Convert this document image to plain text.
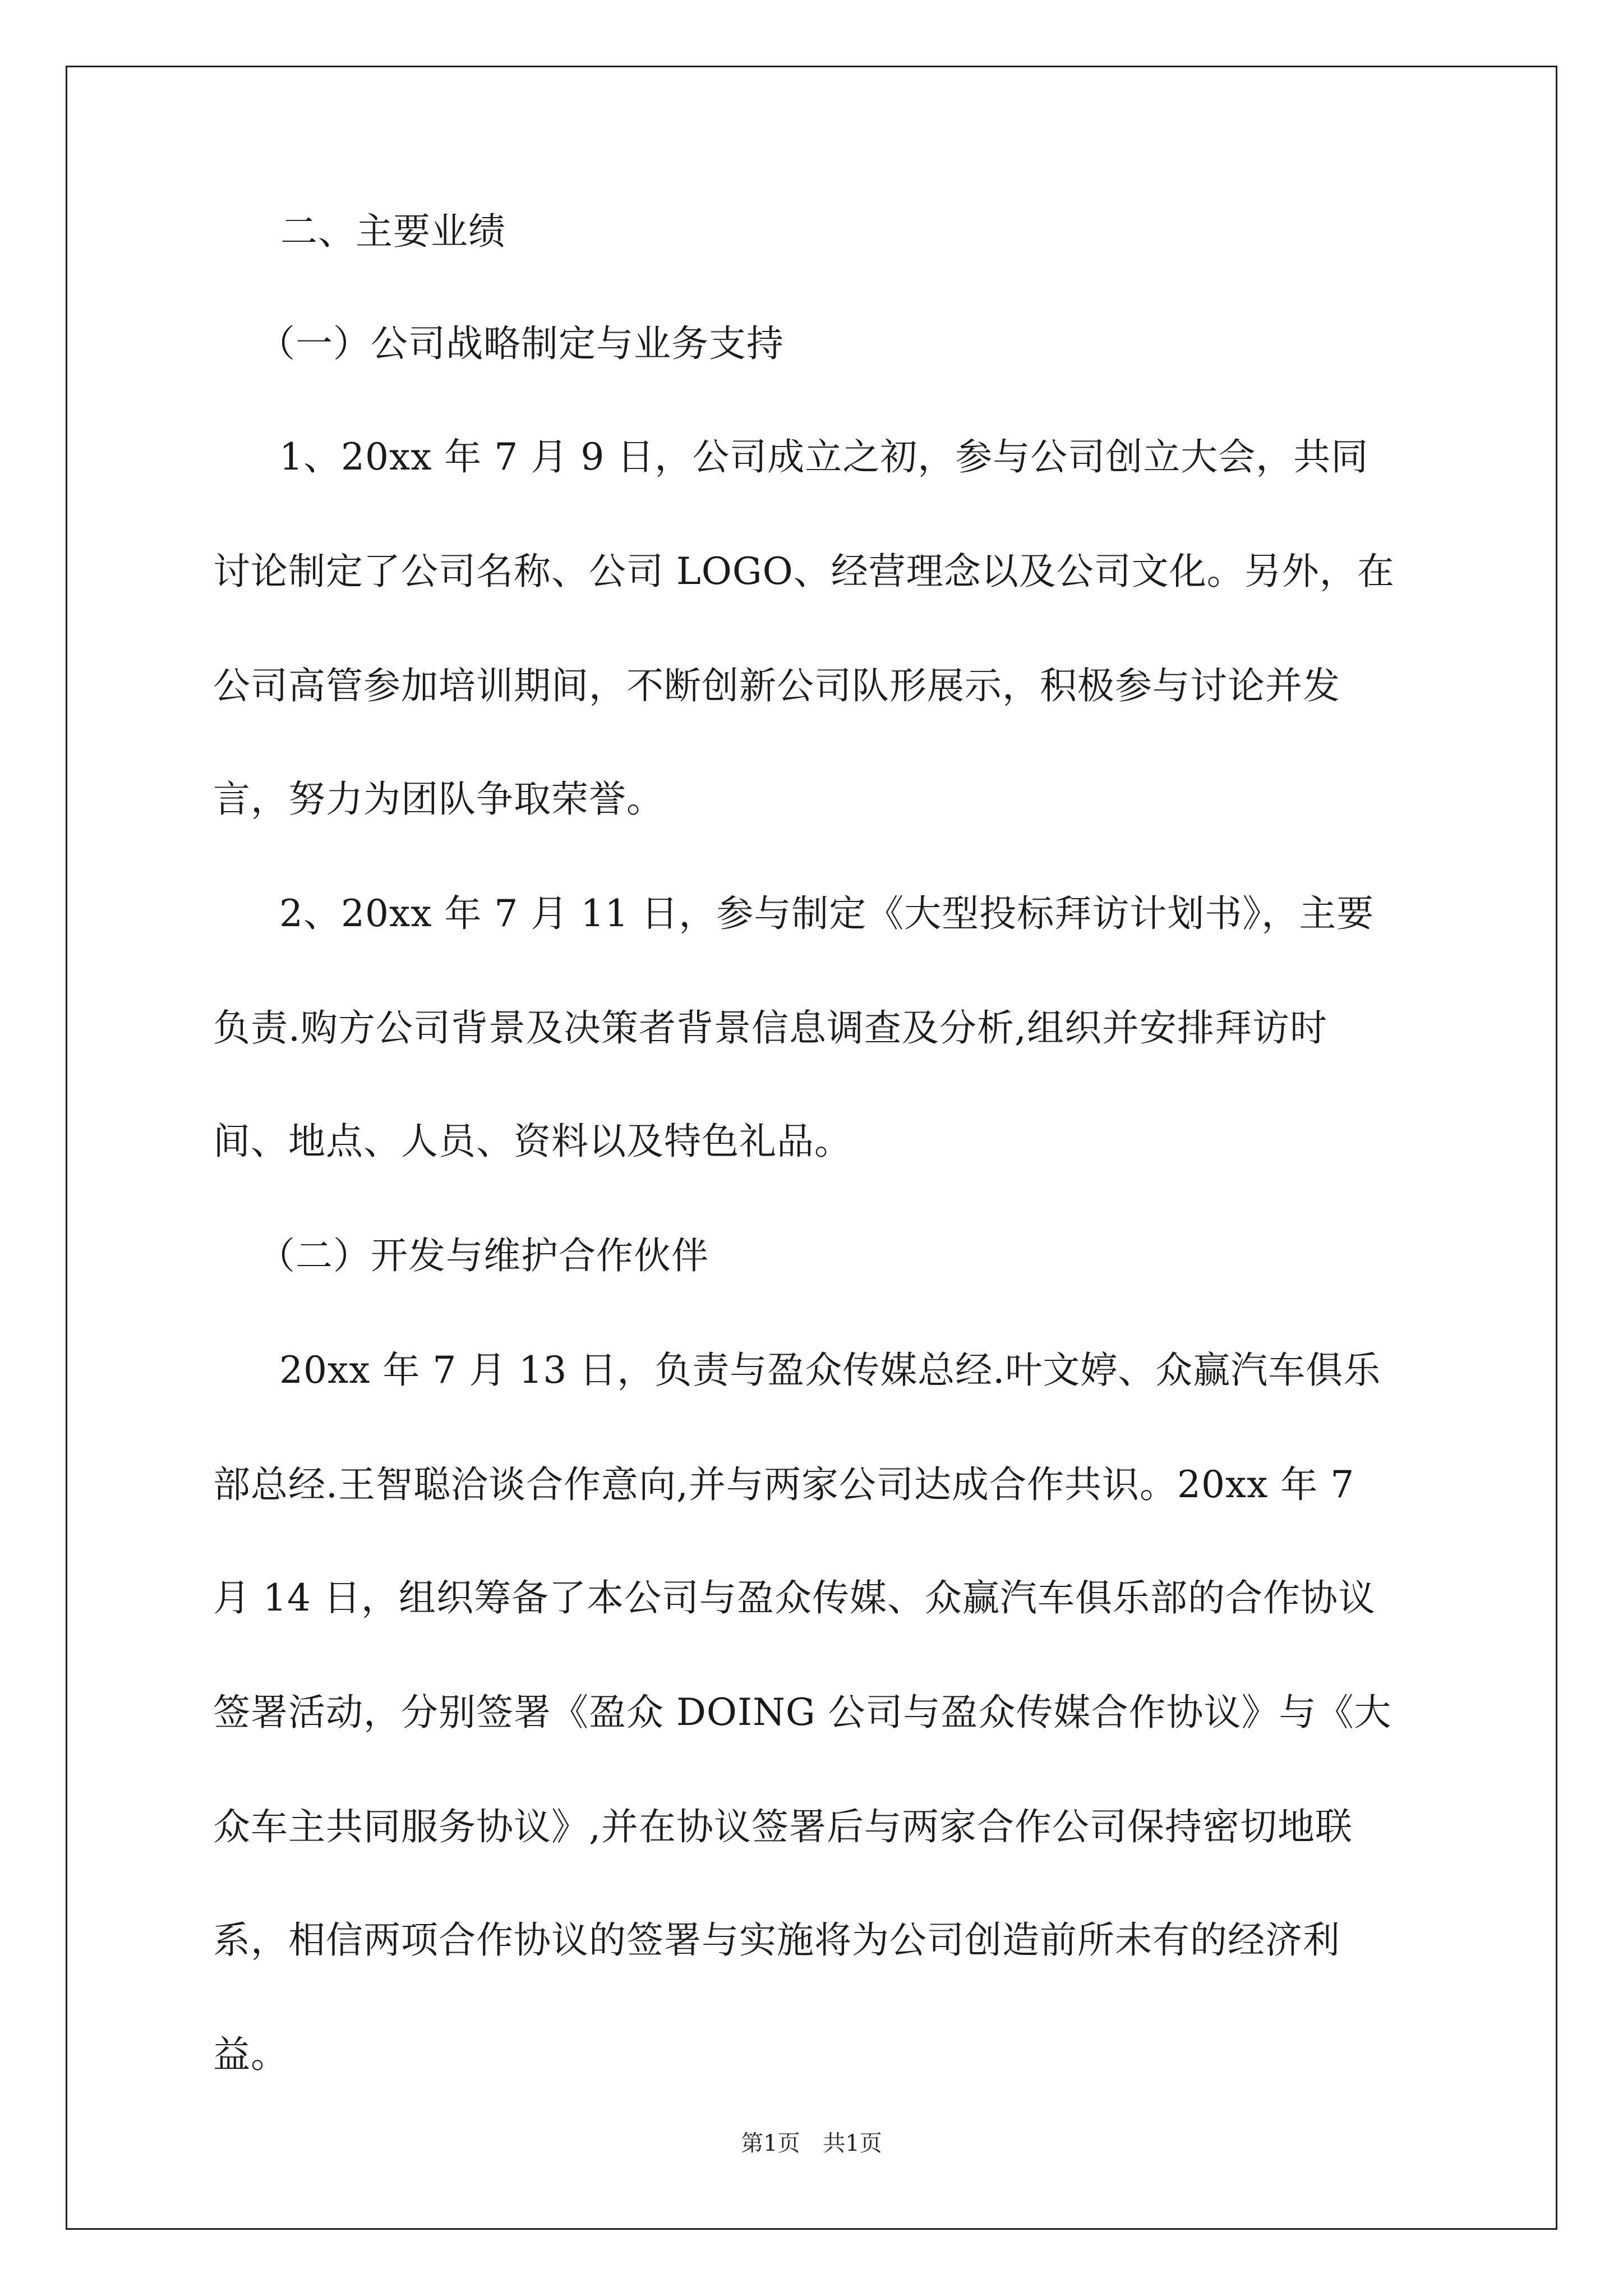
二、主要业绩

（一）公司战略制定与业务支持

1、20xx 年 7 月 9 日，公司成立之初，参与公司创立大会，共同

讨论制定了公司名称、公司 LOGO、经营理念以及公司文化。另外，在

公司高管参加培训期间，不断创新公司队形展示，积极参与讨论并发

言，努力为团队争取荣誉。

2、20xx 年 7 月 11 日，参与制定《大型投标拜访计划书》，主要

负责.购方公司背景及决策者背景信息调查及分析,组织并安排拜访时

间、地点、人员、资料以及特色礼品。

（二）开发与维护合作伙伴

20xx 年 7 月 13 日，负责与盈众传媒总经.叶文婷、众赢汽车俱乐

部总经.王智聪洽谈合作意向,并与两家公司达成合作共识。20xx 年 7

月 14 日，组织筹备了本公司与盈众传媒、众赢汽车俱乐部的合作协议

签署活动，分别签署《盈众 DOING 公司与盈众传媒合作协议》与《大

众车主共同服务协议》,并在协议签署后与两家合作公司保持密切地联

系，相信两项合作协议的签署与实施将为公司创造前所未有的经济利

益。

第1页 共1页
